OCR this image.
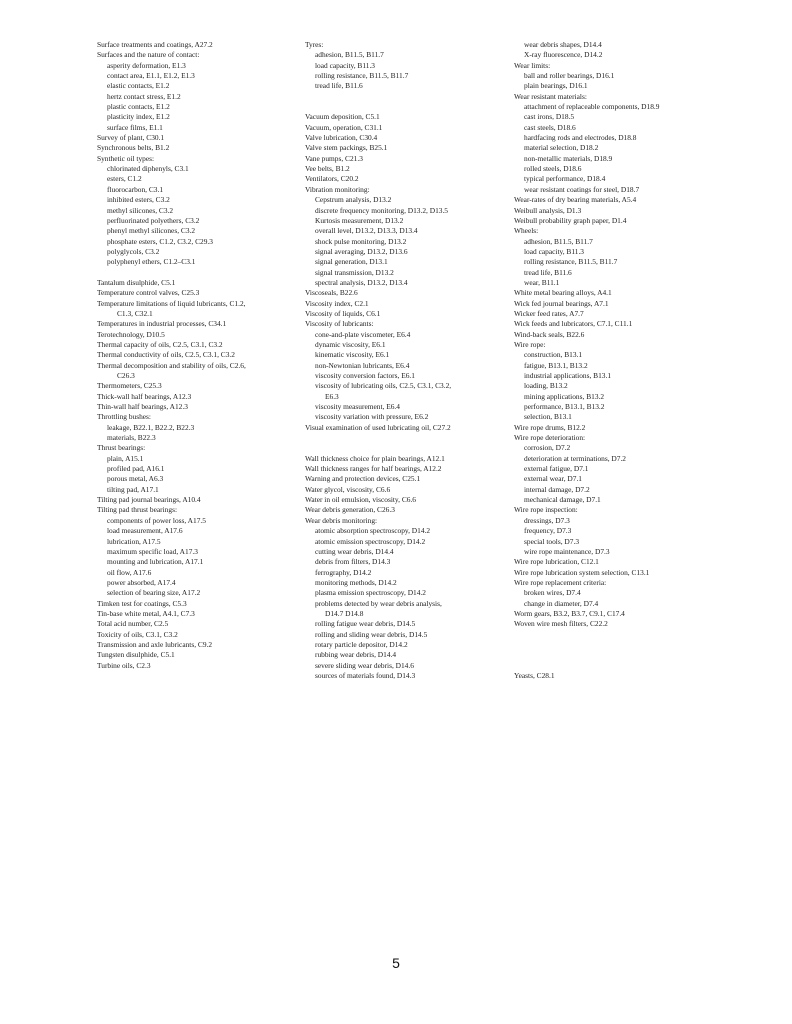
Surface treatments and coatings, A27.2
Surfaces and the nature of contact:
asperity deformation, E1.3
contact area, E1.1, E1.2, E1.3
elastic contacts, E1.2
hertz contact stress, E1.2
plastic contacts, E1.2
plasticity index, E1.2
surface films, E1.1
Survey of plant, C30.1
Synchronous belts, B1.2
Synthetic oil types:
chlorinated diphenyls, C3.1
esters, C1.2
fluorocarbon, C3.1
inhibited esters, C3.2
methyl silicones, C3.2
perfluorinated polyethers, C3.2
phenyl methyl silicones, C3.2
phosphate esters, C1.2, C3.2, C29.3
polyglycols, C3.2
polyphenyl ethers, C1.2–C3.1
Tantalum disulphide, C5.1
Temperature control valves, C25.3
Temperature limitations of liquid lubricants, C1.2,
C1.3, C32.1
Temperatures in industrial processes, C34.1
Terotechnology, D10.5
Thermal capacity of oils, C2.5, C3.1, C3.2
Thermal conductivity of oils, C2.5, C3.1, C3.2
Thermal decomposition and stability of oils, C2.6,
C26.3
Thermometers, C25.3
Thick-wall half bearings, A12.3
Thin-wall half bearings, A12.3
Throttling bushes:
leakage, B22.1, B22.2, B22.3
materials, B22.3
Thrust bearings:
plain, A15.1
profiled pad, A16.1
porous metal, A6.3
tilting pad, A17.1
Tilting pad journal bearings, A10.4
Tilting pad thrust bearings:
components of power loss, A17.5
load measurement, A17.6
lubrication, A17.5
maximum specific load, A17.3
mounting and lubrication, A17.1
oil flow, A17.6
power absorbed, A17.4
selection of bearing size, A17.2
Timken test for coatings, C5.3
Tin-base white metal, A4.1, C7.3
Total acid number, C2.5
Toxicity of oils, C3.1, C3.2
Transmission and axle lubricants, C9.2
Tungsten disulphide, C5.1
Turbine oils, C2.3
Tyres:
adhesion, B11.5, B11.7
load capacity, B11.3
rolling resistance, B11.5, B11.7
tread life, B11.6
Vacuum deposition, C5.1
Vacuum, operation, C31.1
Valve lubrication, C30.4
Valve stem packings, B25.1
Vane pumps, C21.3
Vee belts, B1.2
Ventilators, C20.2
Vibration monitoring:
Cepstrum analysis, D13.2
discrete frequency monitoring, D13.2, D13.5
Kurtosis measurement, D13.2
overall level, D13.2, D13.3, D13.4
shock pulse monitoring, D13.2
signal averaging, D13.2, D13.6
signal generation, D13.1
signal transmission, D13.2
spectral analysis, D13.2, D13.4
Viscoseals, B22.6
Viscosity index, C2.1
Viscosity of liquids, C6.1
Viscosity of lubricants:
cone-and-plate viscometer, E6.4
dynamic viscosity, E6.1
kinematic viscosity, E6.1
non-Newtonian lubricants, E6.4
viscosity conversion factors, E6.1
viscosity of lubricating oils, C2.5, C3.1, C3.2,
E6.3
viscosity measurement, E6.4
viscosity variation with pressure, E6.2
Visual examination of used lubricating oil, C27.2
Wall thickness choice for plain bearings, A12.1
Wall thickness ranges for half bearings, A12.2
Warning and protection devices, C25.1
Water glycol, viscosity, C6.6
Water in oil emulsion, viscosity, C6.6
Wear debris generation, C26.3
Wear debris monitoring:
atomic absorption spectroscopy, D14.2
atomic emission spectroscopy, D14.2
cutting wear debris, D14.4
debris from filters, D14.3
ferrography, D14.2
monitoring methods, D14.2
plasma emission spectroscopy, D14.2
problems detected by wear debris analysis,
D14.7 D14.8
rolling fatigue wear debris, D14.5
rolling and sliding wear debris, D14.5
rotary particle depositor, D14.2
rubbing wear debris, D14.4
severe sliding wear debris, D14.6
sources of materials found, D14.3
wear debris shapes, D14.4
X-ray fluorescence, D14.2
Wear limits:
ball and roller bearings, D16.1
plain bearings, D16.1
Wear resistant materials:
attachment of replaceable components, D18.9
cast irons, D18.5
cast steels, D18.6
hardfacing rods and electrodes, D18.8
material selection, D18.2
non-metallic materials, D18.9
rolled steels, D18.6
typical performance, D18.4
wear resistant coatings for steel, D18.7
Wear-rates of dry bearing materials, A5.4
Weibull analysis, D1.3
Weibull probability graph paper, D1.4
Wheels:
adhesion, B11.5, B11.7
load capacity, B11.3
rolling resistance, B11.5, B11.7
tread life, B11.6
wear, B11.1
White metal bearing alloys, A4.1
Wick fed journal bearings, A7.1
Wicker feed rates, A7.7
Wick feeds and lubricators, C7.1, C11.1
Wind-back seals, B22.6
Wire rope:
construction, B13.1
fatigue, B13.1, B13.2
industrial applications, B13.1
loading, B13.2
mining applications, B13.2
performance, B13.1, B13.2
selection, B13.1
Wire rope drums, B12.2
Wire rope deterioration:
corrosion, D7.2
deterioration at terminations, D7.2
external fatigue, D7.1
external wear, D7.1
internal damage, D7.2
mechanical damage, D7.1
Wire rope inspection:
dressings, D7.3
frequency, D7.3
special tools, D7.3
wire rope maintenance, D7.3
Wire rope lubrication, C12.1
Wire rope lubrication system selection, C13.1
Wire rope replacement criteria:
broken wires, D7.4
change in diameter, D7.4
Worm gears, B3.2, B3.7, C9.1, C17.4
Woven wire mesh filters, C22.2
Yeasts, C28.1
5
